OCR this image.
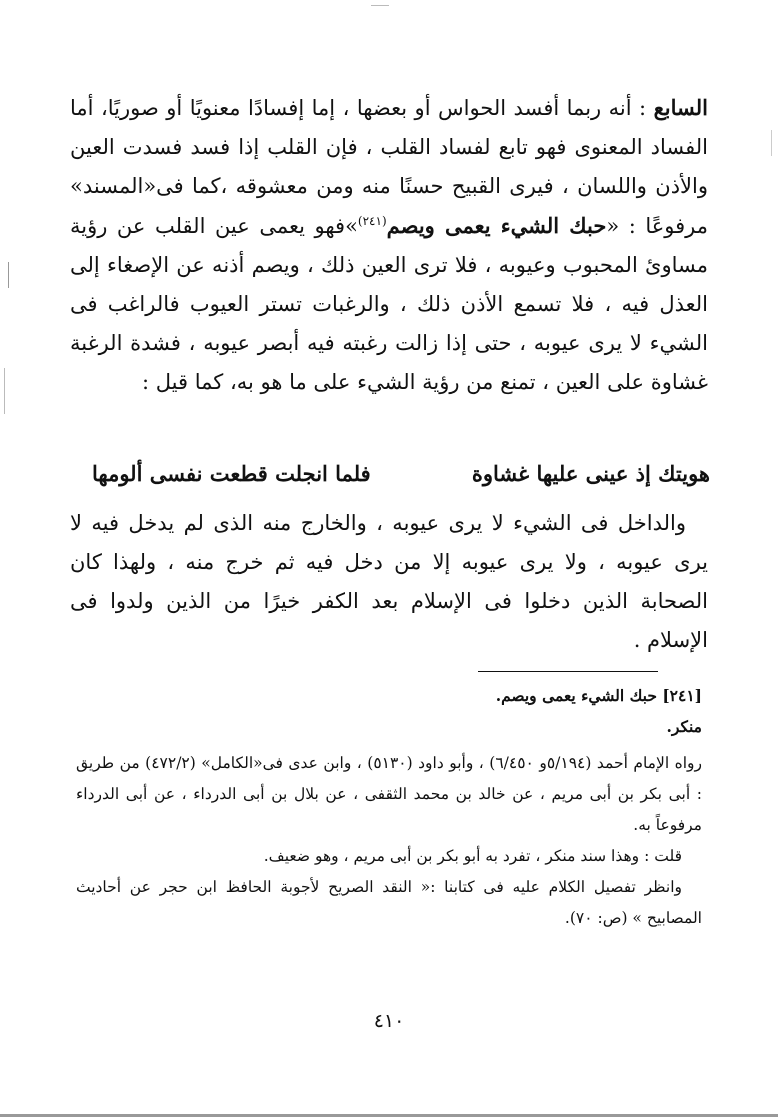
السابع : أنه ربما أفسد الحواس أو بعضها ، إما إفسادًا معنويًا أو صوريًا، أما الفساد المعنوى فهو تابع لفساد القلب ، فإن القلب إذا فسد فسدت العين والأذن واللسان ، فيرى القبيح حسنًا منه ومن معشوقه ،كما فى«المسند» مرفوعًا : «حبك الشيء يعمى ويصم$^{(٢٤١)}$»فهو يعمى عين القلب عن رؤية مساوئ المحبوب وعيوبه ، فلا ترى العين ذلك ، ويصم أذنه عن الإصغاء إلى العذل فيه ، فلا تسمع الأذن ذلك ، والرغبات تستر العيوب فالراغب فى الشيء لا يرى عيوبه ، حتى إذا زالت رغبته فيه أبصر عيوبه ، فشدة الرغبة غشاوة على العين ، تمنع من رؤية الشيء على ما هو به، كما قيل :

هويتك إذ عينى عليها غشاوة
فلما انجلت قطعت نفسى ألومها

والداخل فى الشيء لا يرى عيوبه ، والخارج منه الذى لم يدخل فيه لا يرى عيوبه ، ولا يرى عيوبه إلا من دخل فيه ثم خرج منه ، ولهذا كان الصحابة الذين دخلوا فى الإسلام بعد الكفر خيرًا من الذين ولدوا فى الإسلام .

[٢٤١] حبك الشيء يعمى ويصم.

منكر.

رواه الإمام أحمد (٥/١٩٤و ٦/٤٥٠) ، وأبو داود (٥١٣٠) ، وابن عدى فى«الكامل» (٤٧٢/٢) من طريق : أبى بكر بن أبى مريم ، عن خالد بن محمد الثقفى ، عن بلال بن أبى الدرداء ، عن أبى الدرداء مرفوعاً به.

قلت : وهذا سند منكر ، تفرد به أبو بكر بن أبى مريم ، وهو ضعيف.

وانظر تفصيل الكلام عليه فى كتابنا :« النقد الصريح لأجوبة الحافظ ابن حجر عن أحاديث المصابيح » (ص: ٧٠).

٤١٠
